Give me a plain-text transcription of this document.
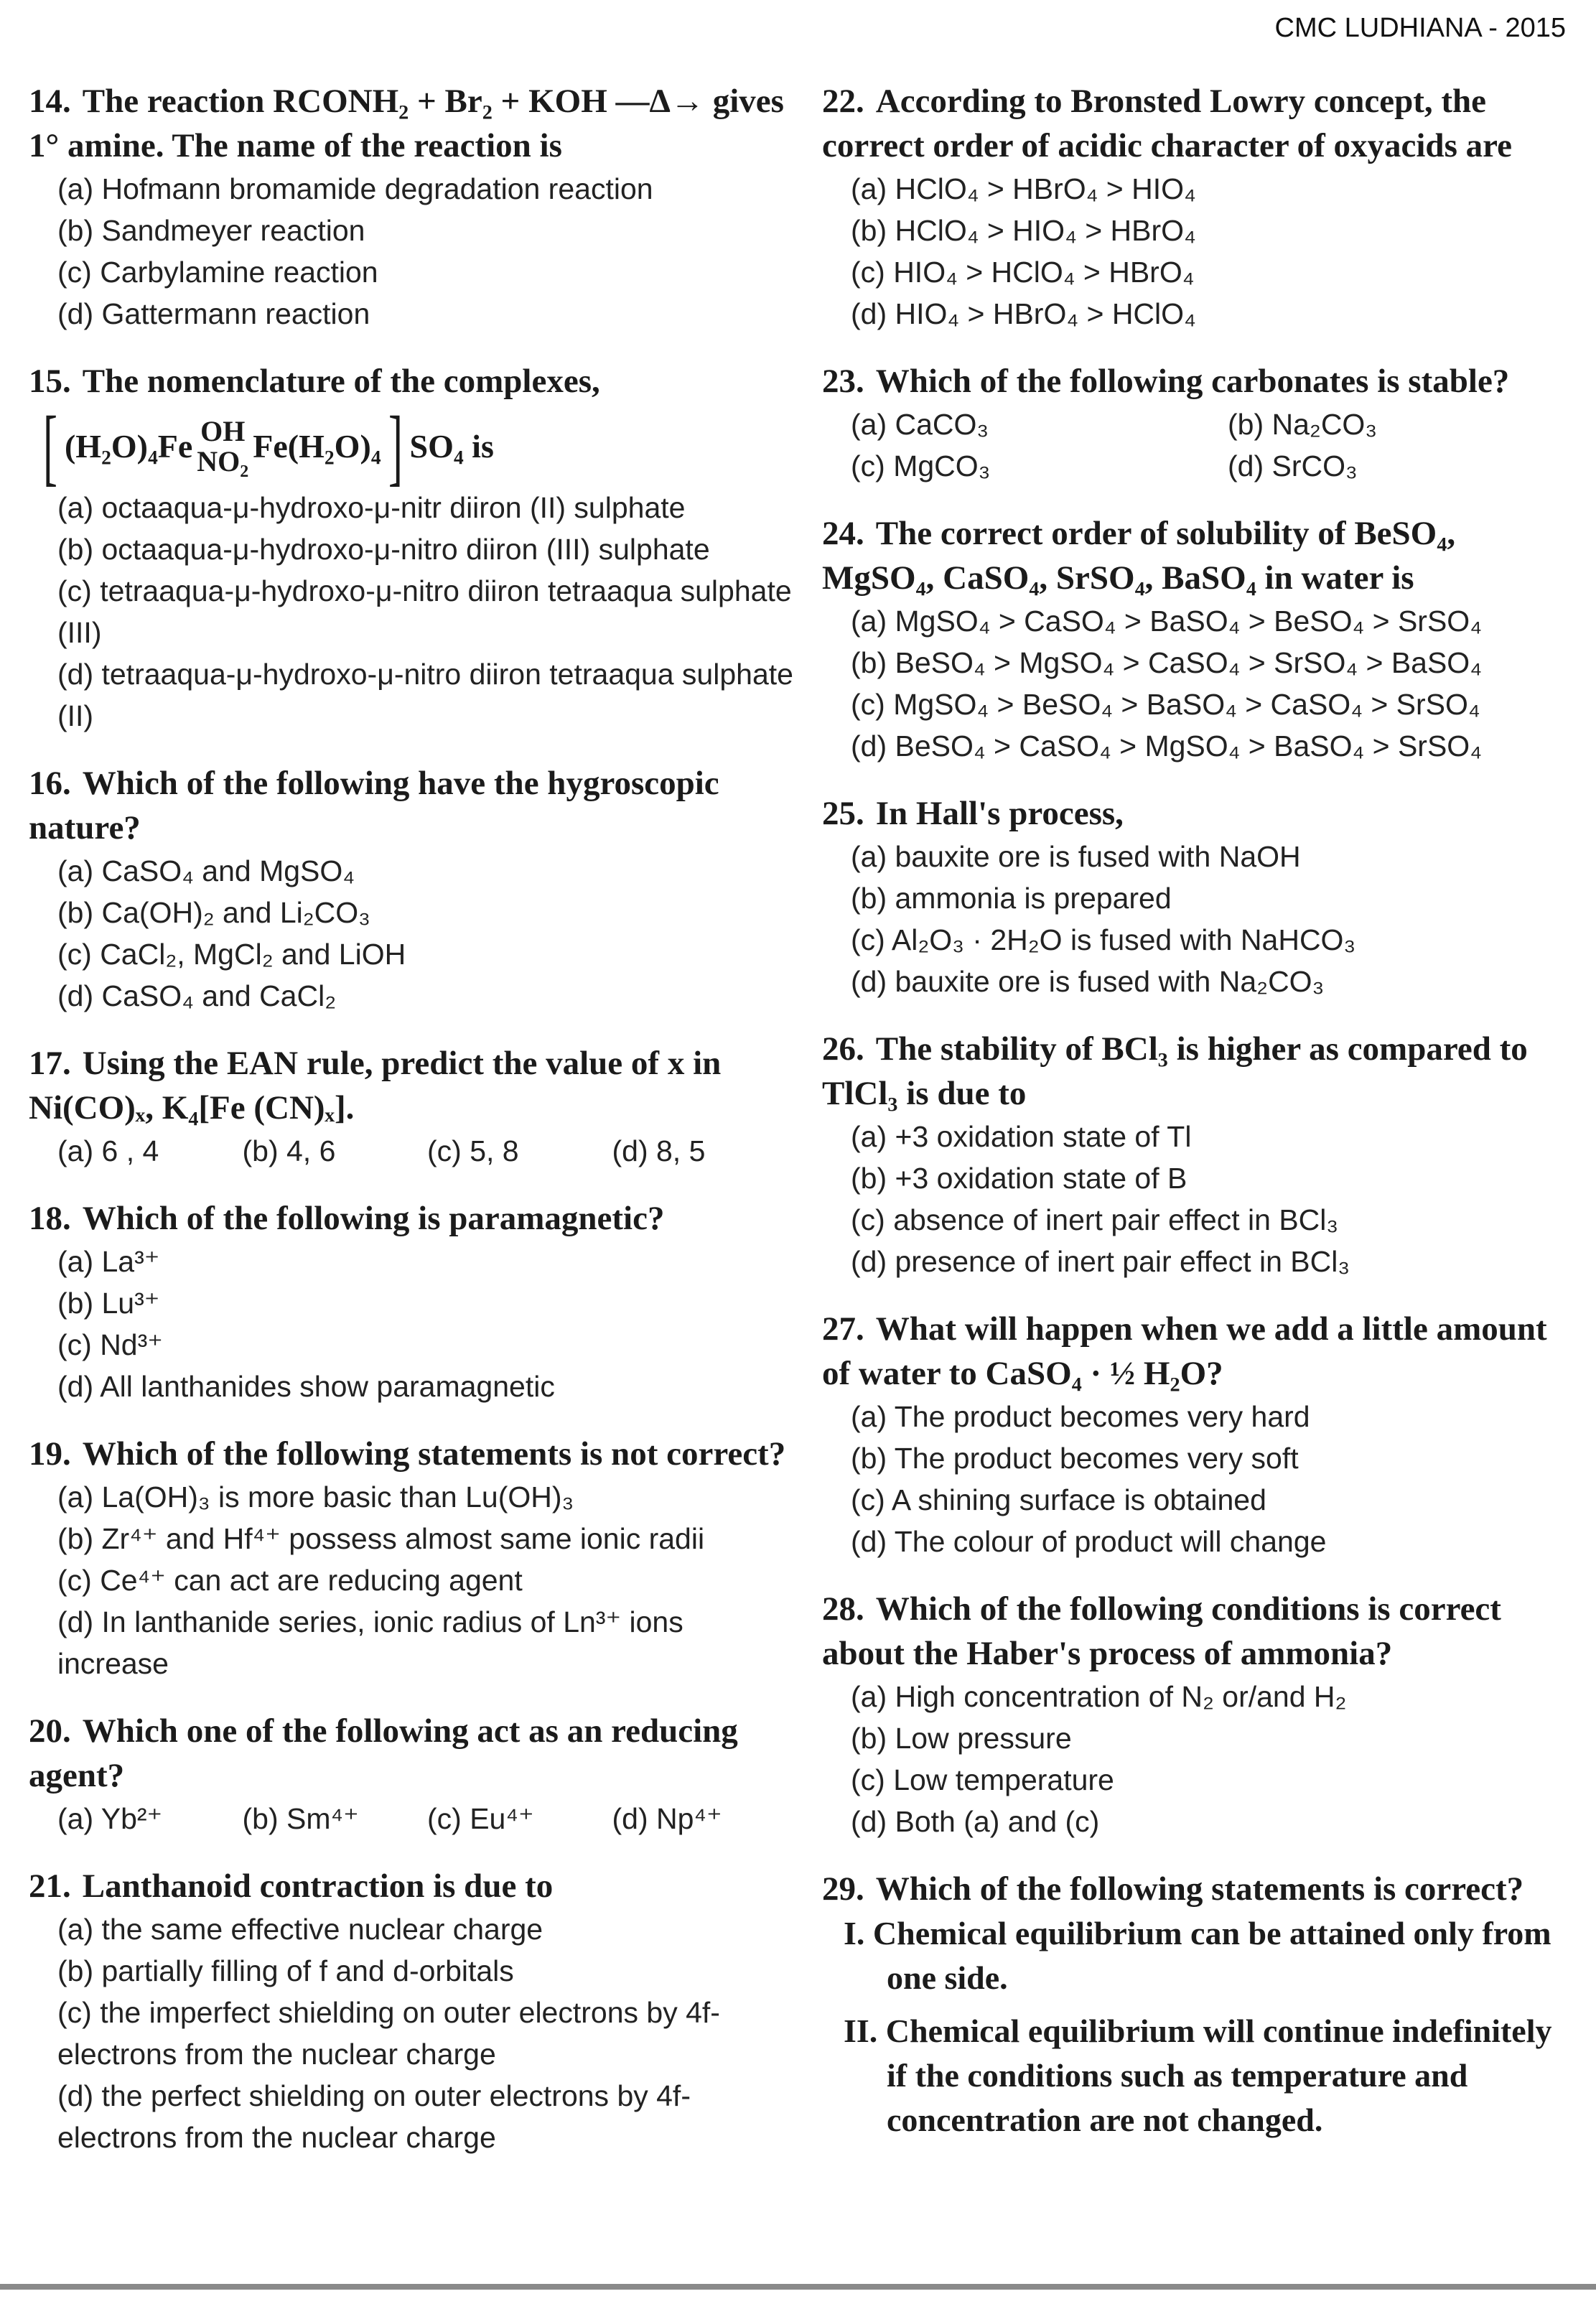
CMC LUDHIANA - 2015
14. The reaction RCONH₂ + Br₂ + KOH —Δ→ gives 1° amine. The name of the reaction is
(a) Hofmann bromamide degradation reaction
(b) Sandmeyer reaction
(c) Carbylamine reaction
(d) Gattermann reaction
15. The nomenclature of the complexes,
[ (H₂O)₄Fe OH
NO₂ Fe(H₂O)₄ ] SO₄ is
(a) octaaqua-μ-hydroxo-μ-nitr diiron (II) sulphate
(b) octaaqua-μ-hydroxo-μ-nitro diiron (III) sulphate
(c) tetraaqua-μ-hydroxo-μ-nitro diiron tetraaqua sulphate (III)
(d) tetraaqua-μ-hydroxo-μ-nitro diiron tetraaqua sulphate (II)
16. Which of the following have the hygroscopic nature?
(a) CaSO₄ and MgSO₄
(b) Ca(OH)₂ and Li₂CO₃
(c) CaCl₂, MgCl₂ and LiOH
(d) CaSO₄ and CaCl₂
17. Using the EAN rule, predict the value of x in Ni(CO)ₓ, K₄[Fe (CN)ₓ].
(a) 6 , 4	(b) 4, 6	(c) 5, 8	(d) 8, 5
18. Which of the following is paramagnetic?
(a) La³⁺
(b) Lu³⁺
(c) Nd³⁺
(d) All lanthanides show paramagnetic
19. Which of the following statements is not correct?
(a) La(OH)₃ is more basic than Lu(OH)₃
(b) Zr⁴⁺ and Hf⁴⁺ possess almost same ionic radii
(c) Ce⁴⁺ can act are reducing agent
(d) In lanthanide series, ionic radius of Ln³⁺ ions increase
20. Which one of the following act as an reducing agent?
(a) Yb²⁺	(b) Sm⁴⁺	(c) Eu⁴⁺	(d) Np⁴⁺
21. Lanthanoid contraction is due to
(a) the same effective nuclear charge
(b) partially filling of f and d-orbitals
(c) the imperfect shielding on outer electrons by 4f-electrons from the nuclear charge
(d) the perfect shielding on outer electrons by 4f-electrons from the nuclear charge
22. According to Bronsted Lowry concept, the correct order of acidic character of oxyacids are
(a) HClO₄ > HBrO₄ > HIO₄
(b) HClO₄ > HIO₄ > HBrO₄
(c) HIO₄ > HClO₄ > HBrO₄
(d) HIO₄ > HBrO₄ > HClO₄
23. Which of the following carbonates is stable?
(a) CaCO₃	(b) Na₂CO₃
(c) MgCO₃	(d) SrCO₃
24. The correct order of solubility of BeSO₄, MgSO₄, CaSO₄, SrSO₄, BaSO₄ in water is
(a) MgSO₄ > CaSO₄ > BaSO₄ > BeSO₄ > SrSO₄
(b) BeSO₄ > MgSO₄ > CaSO₄ > SrSO₄ > BaSO₄
(c) MgSO₄ > BeSO₄ > BaSO₄ > CaSO₄ > SrSO₄
(d) BeSO₄ > CaSO₄ > MgSO₄ > BaSO₄ > SrSO₄
25. In Hall's process,
(a) bauxite ore is fused with NaOH
(b) ammonia is prepared
(c) Al₂O₃ · 2H₂O is fused with NaHCO₃
(d) bauxite ore is fused with Na₂CO₃
26. The stability of BCl₃ is higher as compared to TlCl₃ is due to
(a) +3 oxidation state of Tl
(b) +3 oxidation state of B
(c) absence of inert pair effect in BCl₃
(d) presence of inert pair effect in BCl₃
27. What will happen when we add a little amount of water to CaSO₄ · ½ H₂O?
(a) The product becomes very hard
(b) The product becomes very soft
(c) A shining surface is obtained
(d) The colour of product will change
28. Which of the following conditions is correct about the Haber's process of ammonia?
(a) High concentration of N₂ or/and H₂
(b) Low pressure
(c) Low temperature
(d) Both (a) and (c)
29. Which of the following statements is correct?
I. Chemical equilibrium can be attained only from one side.
II. Chemical equilibrium will continue indefinitely if the conditions such as temperature and concentration are not changed.
